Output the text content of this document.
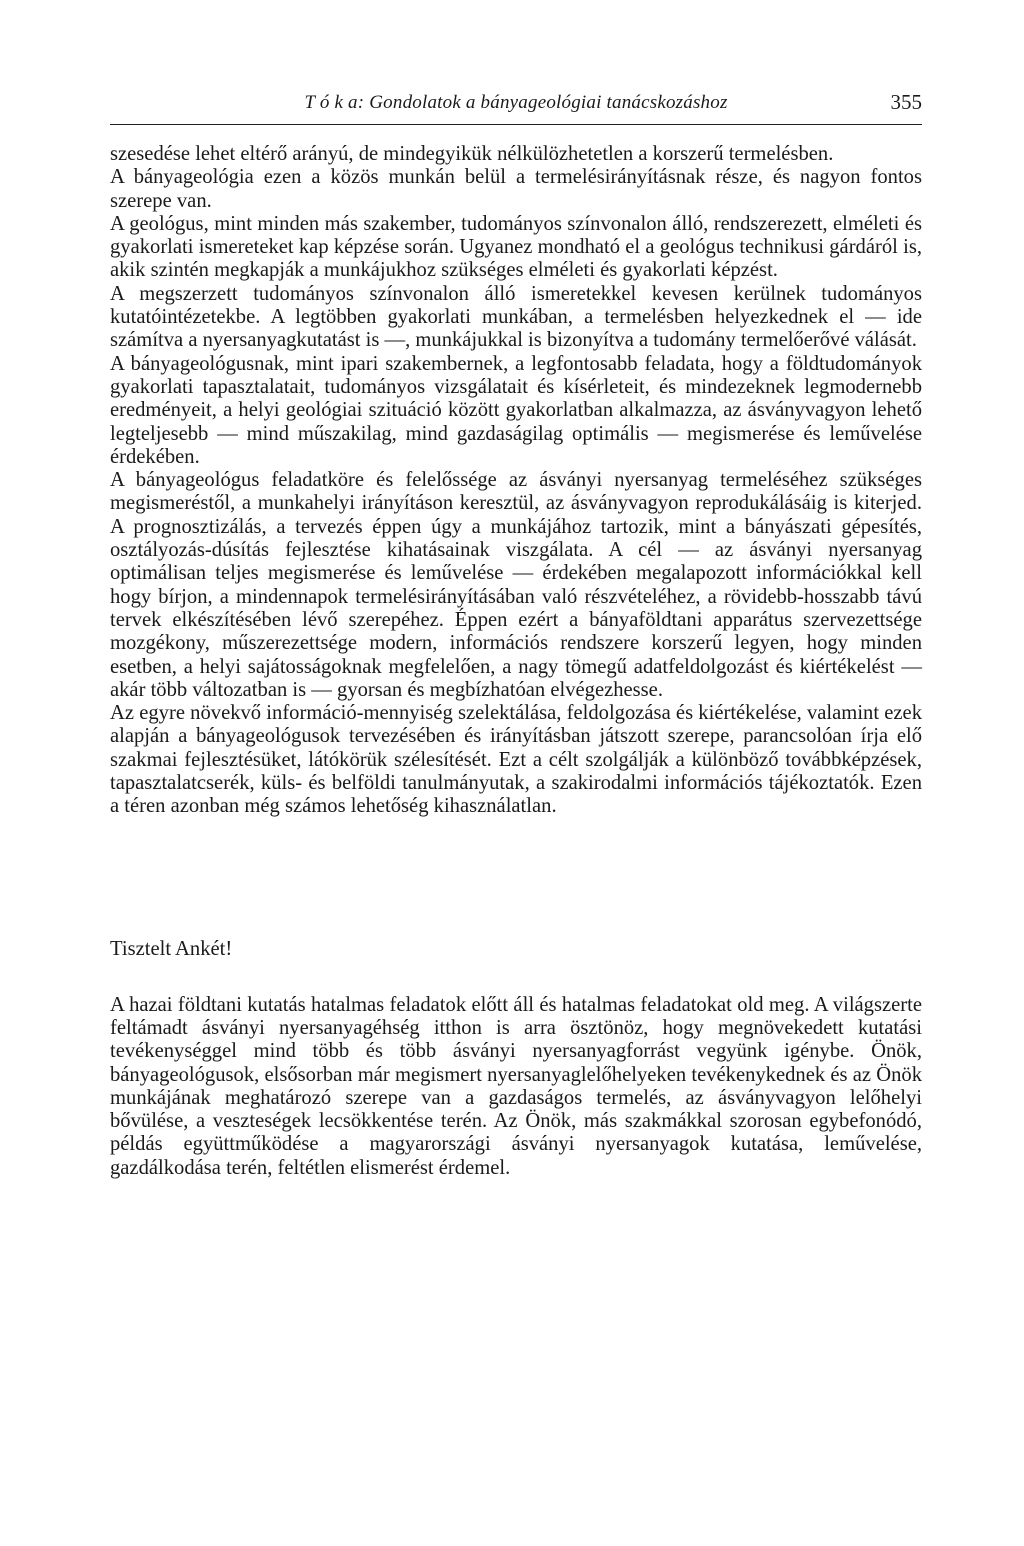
T ó k a: Gondolatok a bányageológiai tanácskozáshoz	355

szesedése lehet eltérő arányú, de mindegyikük nélkülözhetetlen a korszerű termelésben.

A bányageológia ezen a közös munkán belül a termelésirányításnak része, és nagyon fontos szerepe van.

A geológus, mint minden más szakember, tudományos színvonalon álló, rendszerezett, elméleti és gyakorlati ismereteket kap képzése során. Ugyanez mondható el a geológus technikusi gárdáról is, akik szintén megkapják a munkájukhoz szükséges elméleti és gyakorlati képzést.

A megszerzett tudományos színvonalon álló ismeretekkel kevesen kerülnek tudományos kutatóintézetekbe. A legtöbben gyakorlati munkában, a termelésben helyezkednek el — ide számítva a nyersanyagkutatást is —, munkájukkal is bizonyítva a tudomány termelőerővé válását.

A bányageológusnak, mint ipari szakembernek, a legfontosabb feladata, hogy a földtudományok gyakorlati tapasztalatait, tudományos vizsgálatait és kísérleteit, és mindezeknek legmodernebb eredményeit, a helyi geológiai szituáció között gyakorlatban alkalmazza, az ásványvagyon lehető legteljesebb — mind műszakilag, mind gazdaságilag optimális — megismerése és leművelése érdekében.

A bányageológus feladatköre és felelőssége az ásványi nyersanyag termeléséhez szükséges megismeréstől, a munkahelyi irányításon keresztül, az ásványvagyon reprodukálásáig is kiterjed. A prognosztizálás, a tervezés éppen úgy a munkájához tartozik, mint a bányászati gépesítés, osztályozás-dúsítás fejlesztése kihatásainak viszgálata. A cél — az ásványi nyersanyag optimálisan teljes megismerése és leművelése — érdekében megalapozott információkkal kell hogy bírjon, a mindennapok termelésirányításában való részvételéhez, a rövidebb-hosszabb távú tervek elkészítésében lévő szerepéhez. Éppen ezért a bányaföldtani apparátus szervezettsége mozgékony, műszerezettsége modern, információs rendszere korszerű legyen, hogy minden esetben, a helyi sajátosságoknak megfelelően, a nagy tömegű adatfeldolgozást és kiértékelést — akár több változatban is — gyorsan és megbízhatóan elvégezhesse.

Az egyre növekvő információ-mennyiség szelektálása, feldolgozása és kiértékelése, valamint ezek alapján a bányageológusok tervezésében és irányításban játszott szerepe, parancsolóan írja elő szakmai fejlesztésüket, látókörük szélesítését. Ezt a célt szolgálják a különböző továbbképzések, tapasztalatcserék, küls- és belföldi tanulmányutak, a szakirodalmi információs tájékoztatók. Ezen a téren azonban még számos lehetőség kihasználatlan.

Tisztelt Ankét!

A hazai földtani kutatás hatalmas feladatok előtt áll és hatalmas feladatokat old meg. A világszerte feltámadt ásványi nyersanyagéhség itthon is arra ösztönöz, hogy megnövekedett kutatási tevékenységgel mind több és több ásványi nyersanyagforrást vegyünk igénybe. Önök, bányageológusok, elsősorban már megismert nyersanyaglelőhelyeken tevékenykednek és az Önök munkájának meghatározó szerepe van a gazdaságos termelés, az ásványvagyon lelőhelyi bővülése, a veszteségek lecsökkentése terén. Az Önök, más szakmákkal szorosan egybefonódó, példás együttműködése a magyarországi ásványi nyersanyagok kutatása, leművelése, gazdálkodása terén, feltétlen elismerést érdemel.
